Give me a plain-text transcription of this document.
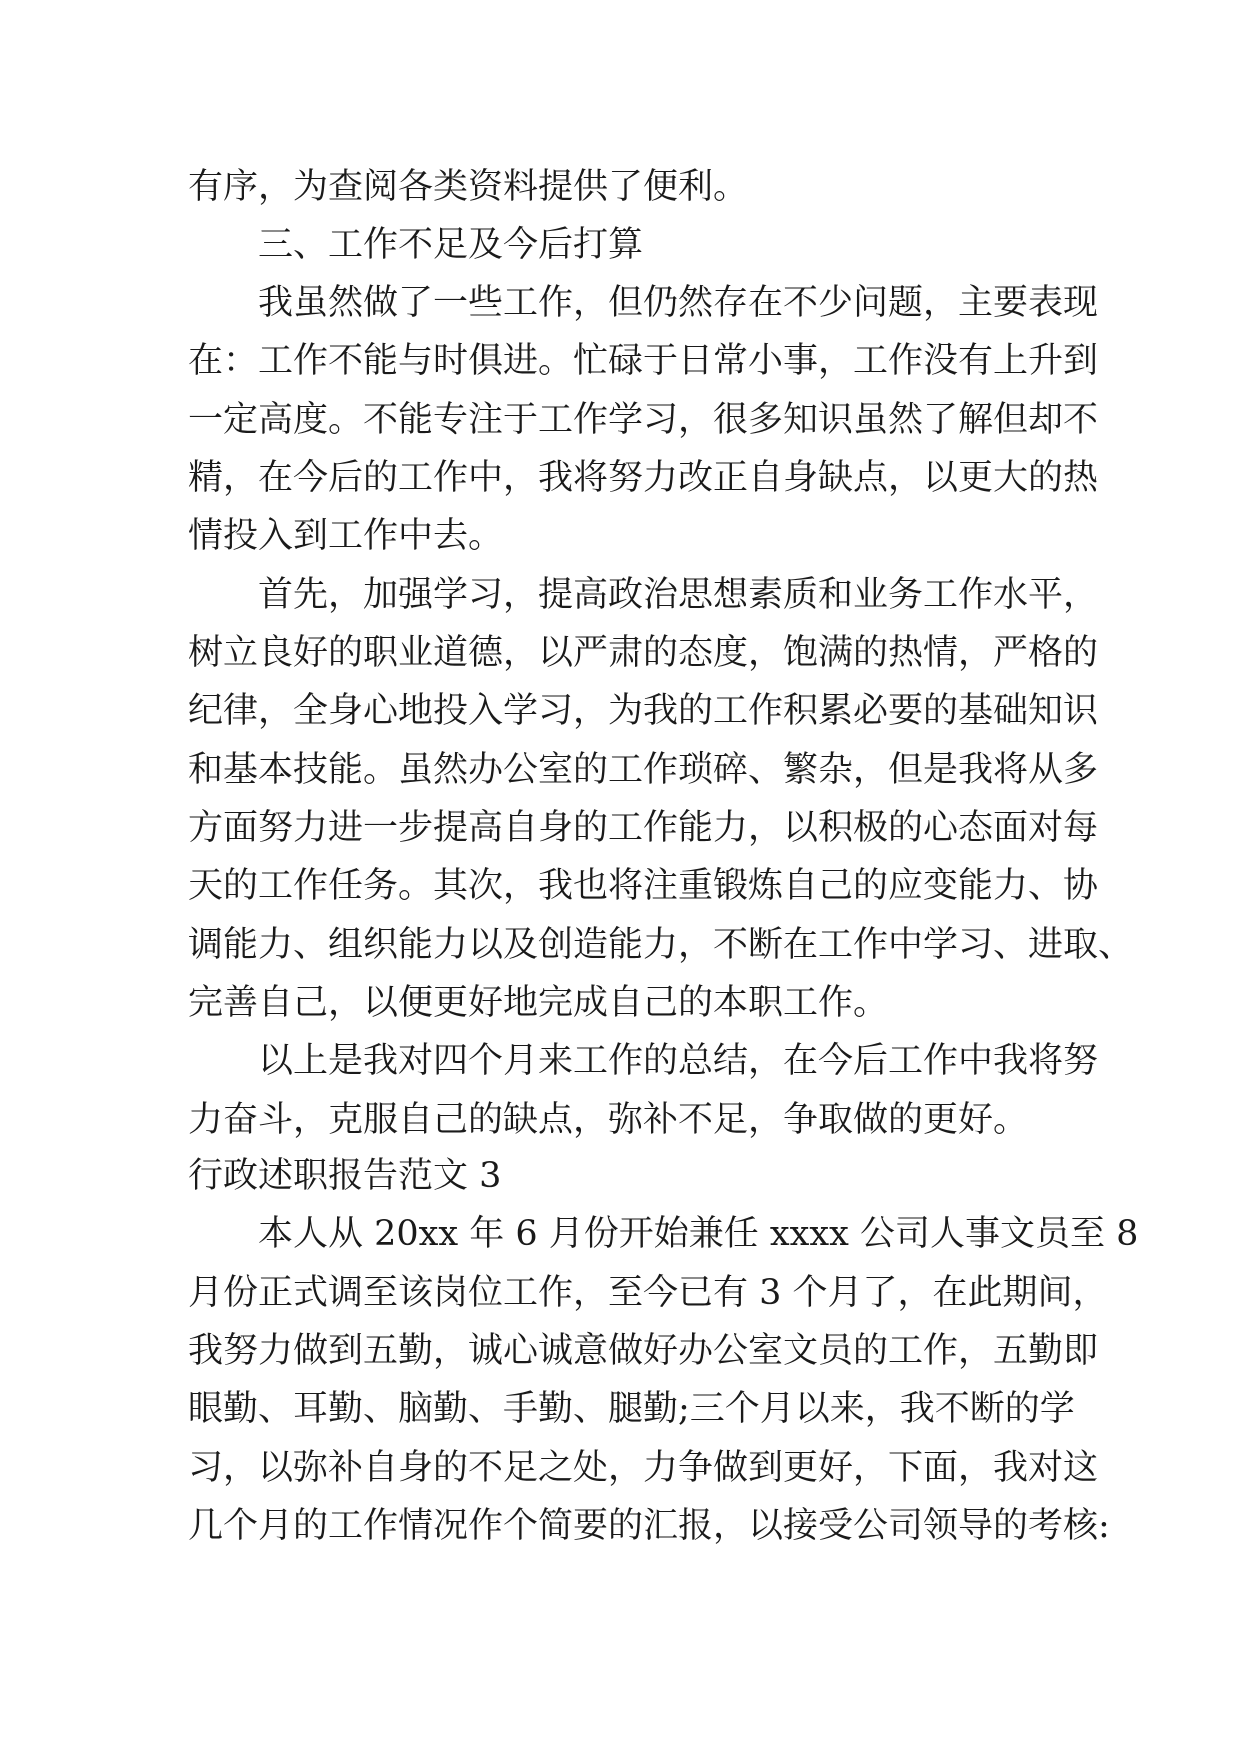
有序，为查阅各类资料提供了便利。
三、工作不足及今后打算
我虽然做了一些工作，但仍然存在不少问题，主要表现
在：工作不能与时俱进。忙碌于日常小事，工作没有上升到
一定高度。不能专注于工作学习，很多知识虽然了解但却不
精，在今后的工作中，我将努力改正自身缺点，以更大的热
情投入到工作中去。
首先，加强学习，提高政治思想素质和业务工作水平，
树立良好的职业道德，以严肃的态度，饱满的热情，严格的
纪律，全身心地投入学习，为我的工作积累必要的基础知识
和基本技能。虽然办公室的工作琐碎、繁杂，但是我将从多
方面努力进一步提高自身的工作能力，以积极的心态面对每
天的工作任务。其次，我也将注重锻炼自己的应变能力、协
调能力、组织能力以及创造能力，不断在工作中学习、进取、
完善自己，以便更好地完成自己的本职工作。
以上是我对四个月来工作的总结，在今后工作中我将努
力奋斗，克服自己的缺点，弥补不足，争取做的更好。
行政述职报告范文 3
本人从 20xx 年 6 月份开始兼任 xxxx 公司人事文员至 8
月份正式调至该岗位工作，至今已有 3 个月了，在此期间，
我努力做到五勤，诚心诚意做好办公室文员的工作，五勤即
眼勤、耳勤、脑勤、手勤、腿勤;三个月以来，我不断的学
习，以弥补自身的不足之处，力争做到更好，下面，我对这
几个月的工作情况作个简要的汇报，以接受公司领导的考核:
